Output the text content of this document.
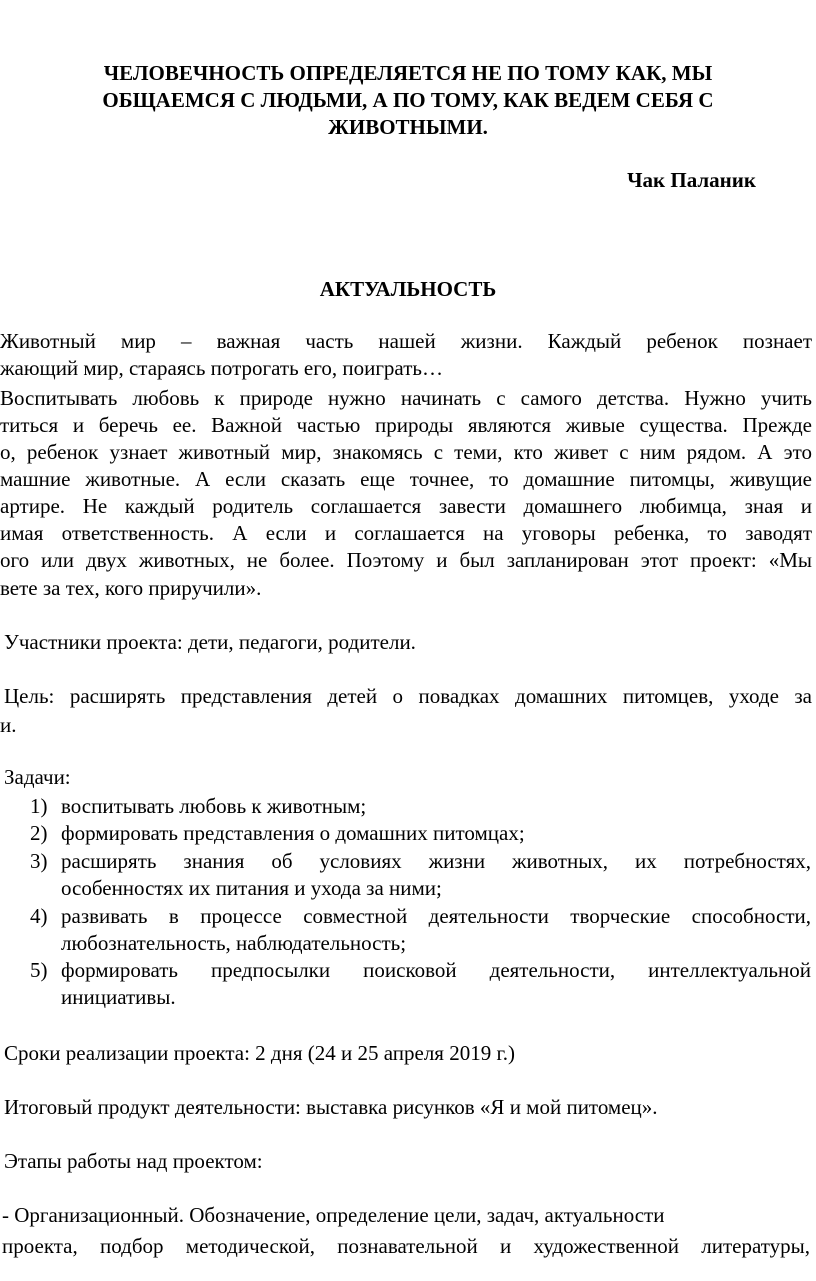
ЧЕЛОВЕЧНОСТЬ ОПРЕДЕЛЯЕТСЯ НЕ ПО ТОМУ КАК, МЫ
ОБЩАЕМСЯ С ЛЮДЬМИ, А ПО ТОМУ, КАК ВЕДЕМ СЕБЯ С
ЖИВОТНЫМИ.
Чак Паланик
АКТУАЛЬНОСТЬ
Животный мир – важная часть нашей жизни. Каждый ребенок познает
жающий мир, стараясь потрогать его, поиграть…
Воспитывать любовь к природе нужно начинать с самого детства. Нужно учить
титься и беречь ее. Важной частью природы являются живые существа. Прежде
о, ребенок узнает животный мир, знакомясь с теми, кто живет с ним рядом. А это
машние животные. А если сказать еще точнее, то домашние питомцы, живущие
артире. Не каждый родитель соглашается завести домашнего любимца, зная и
имая ответственность. А если и соглашается на уговоры ребенка, то заводят
ого или двух животных, не более. Поэтому и был запланирован этот проект: «Мы
вете за тех, кого приручили».
Участники проекта: дети, педагоги, родители.
Цель: расширять представления детей о повадках домашних питомцев, уходе за
и.
Задачи:
1) воспитывать любовь к животным;
2) формировать представления о домашних питомцах;
3) расширять знания об условиях жизни животных, их потребностях,
особенностях их питания и ухода за ними;
4) развивать в процессе совместной деятельности творческие способности,
любознательность, наблюдательность;
5) формировать предпосылки поисковой деятельности, интеллектуальной
инициативы.
Сроки реализации проекта: 2 дня (24 и 25 апреля 2019 г.)
Итоговый продукт деятельности: выставка рисунков «Я и мой питомец».
Этапы работы над проектом:
- Организационный. Обозначение, определение цели, задач, актуальности
проекта, подбор методической, познавательной и художественной литературы,
